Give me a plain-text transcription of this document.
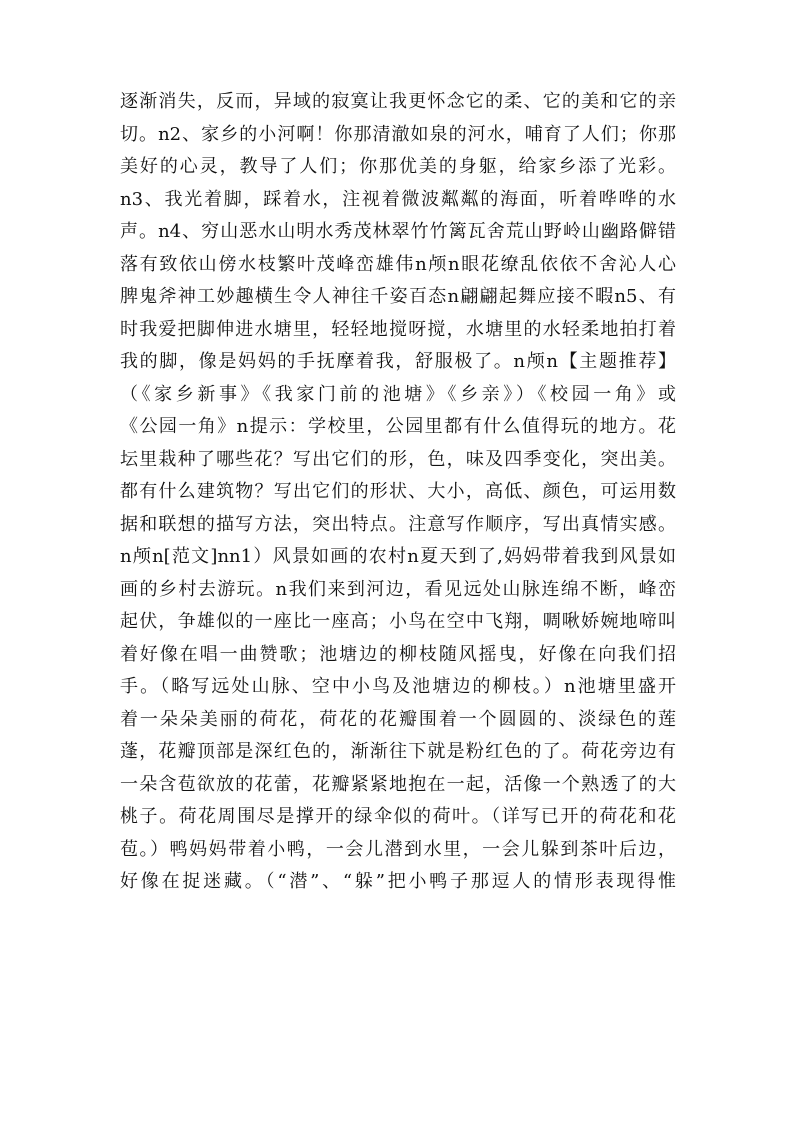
逐渐消失，反而，异域的寂寞让我更怀念它的柔、它的美和它的亲
切。n2、家乡的小河啊！你那清澈如泉的河水，哺育了人们；你那
美好的心灵，教导了人们；你那优美的身躯，给家乡添了光彩。
n3、我光着脚，踩着水，注视着微波粼粼的海面，听着哗哗的水
声。n4、穷山恶水山明水秀茂林翠竹竹篱瓦舍荒山野岭山幽路僻错
落有致依山傍水枝繁叶茂峰峦雄伟n颅n眼花缭乱依依不舍沁人心
脾鬼斧神工妙趣横生令人神往千姿百态n翩翩起舞应接不暇n5、有
时我爱把脚伸进水塘里，轻轻地搅呀搅，水塘里的水轻柔地拍打着
我的脚，像是妈妈的手抚摩着我，舒服极了。n颅n【主题推荐】
（《家乡新事》《我家门前的池塘》《乡亲》）《校园一角》或
《公园一角》n提示：学校里，公园里都有什么值得玩的地方。花
坛里栽种了哪些花？写出它们的形，色，味及四季变化，突出美。
都有什么建筑物？写出它们的形状、大小，高低、颜色，可运用数
据和联想的描写方法，突出特点。注意写作顺序，写出真情实感。
n颅n[范文]nn1）风景如画的农村n夏天到了,妈妈带着我到风景如
画的乡村去游玩。n我们来到河边，看见远处山脉连绵不断，峰峦
起伏，争雄似的一座比一座高；小鸟在空中飞翔，啁啾娇婉地啼叫
着好像在唱一曲赞歌；池塘边的柳枝随风摇曳，好像在向我们招
手。（略写远处山脉、空中小鸟及池塘边的柳枝。）n池塘里盛开
着一朵朵美丽的荷花，荷花的花瓣围着一个圆圆的、淡绿色的莲
蓬，花瓣顶部是深红色的，渐渐往下就是粉红色的了。荷花旁边有
一朵含苞欲放的花蕾，花瓣紧紧地抱在一起，活像一个熟透了的大
桃子。荷花周围尽是撑开的绿伞似的荷叶。（详写已开的荷花和花
苞。）鸭妈妈带着小鸭，一会儿潜到水里，一会儿躲到茶叶后边，
好像在捉迷藏。（“潜”、“躲”把小鸭子那逗人的情形表现得惟
